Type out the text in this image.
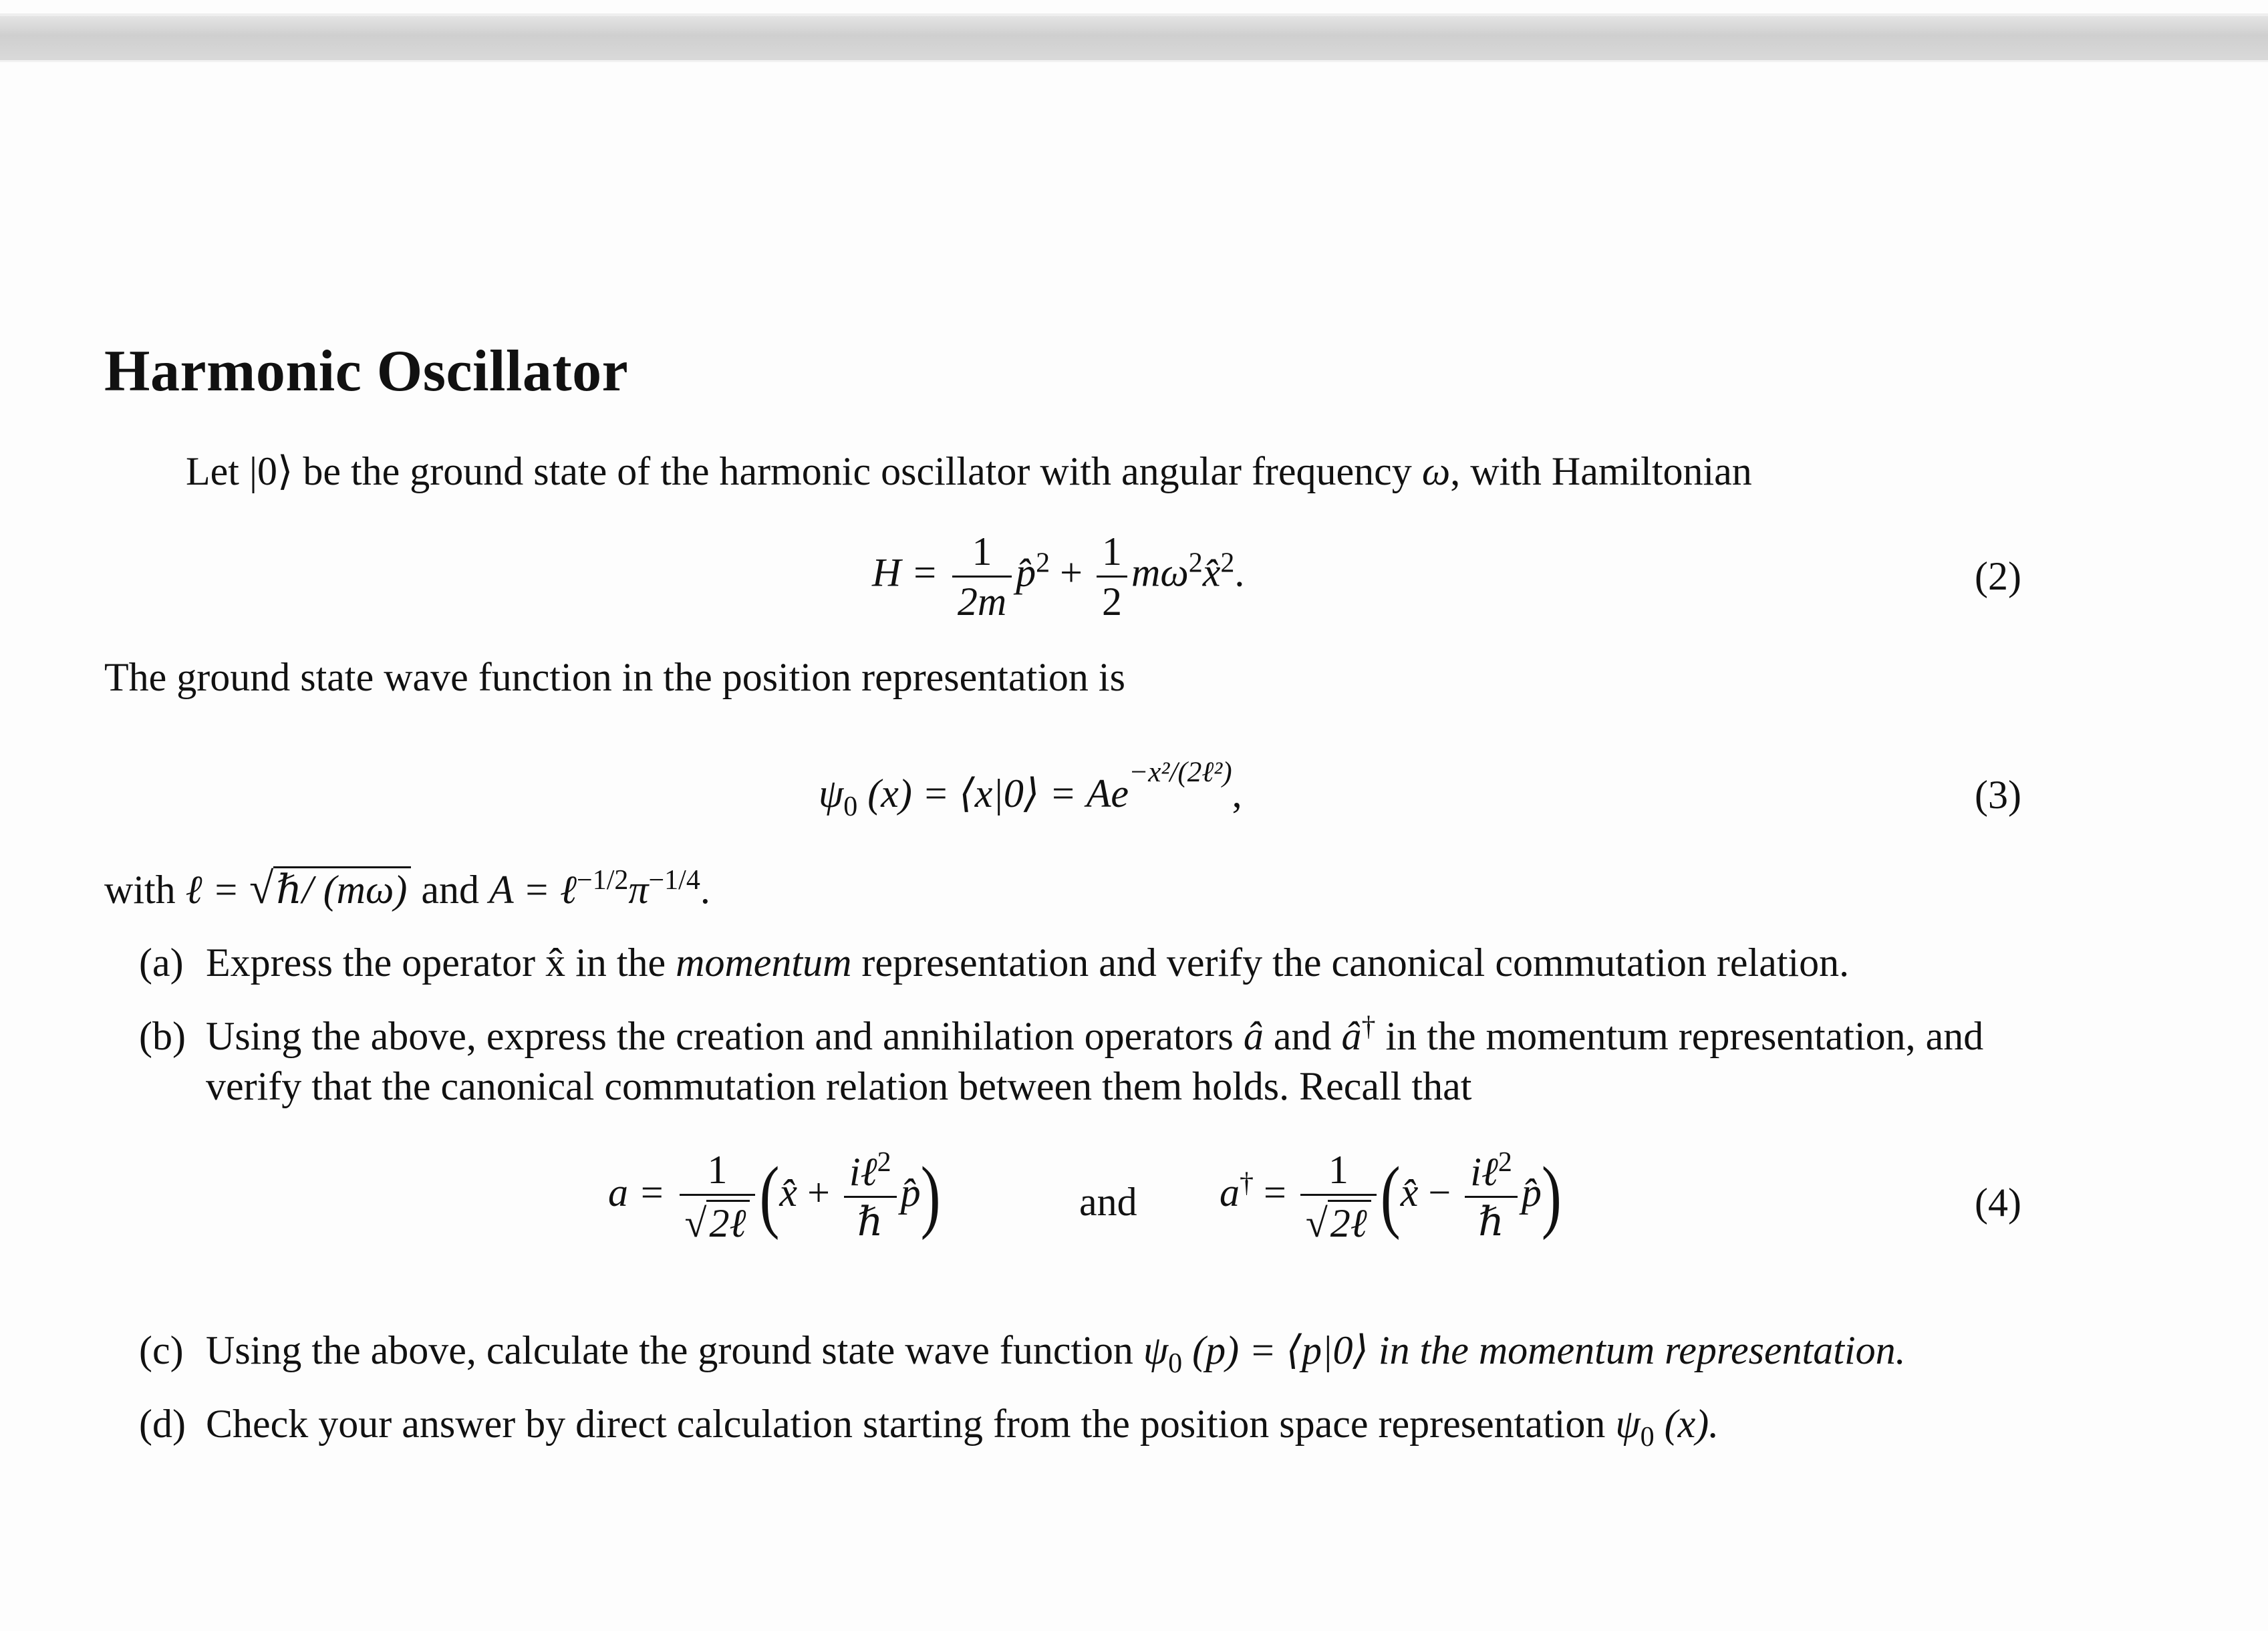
Harmonic Oscillator
Let |0⟩ be the ground state of the harmonic oscillator with angular frequency ω, with Hamiltonian
$H = \frac{1}{2m}$ p̂$^2$ + $\frac{1}{2}$ $m\omega^2x̂^2$.	(2)
The ground state wave function in the position representation is
$\psi_0$ (x) = ⟨x|0⟩ = $Ae^{-x^2/(2\ell^2)}$,	(3)
with ℓ = √ℏ/ (mω) and $A = \ell^{-1/2}\pi^{-1/4}$.
(a) Express the operator x̂ in the momentum representation and verify the canonical commutation relation.
(b) Using the above, express the creation and annihilation operators â and â† in the momentum representation, and
verify that the canonical commutation relation between them holds. Recall that
$a = \frac{1}{\text{√2ℓ}}$ (x̂ + $\frac{i\ell^2}{\text{ℏ}}$ p̂)	and $a^\dagger = \frac{1}{\text{√2ℓ}}$ (x̂ − $\frac{i\ell^2}{\text{ℏ}}$ p̂)	(4)
(c) Using the above, calculate the ground state wave function $\psi_0$ (p) = ⟨p|0⟩ in the momentum representation.
(d) Check your answer by direct calculation starting from the position space representation $\psi_0$ (x).
